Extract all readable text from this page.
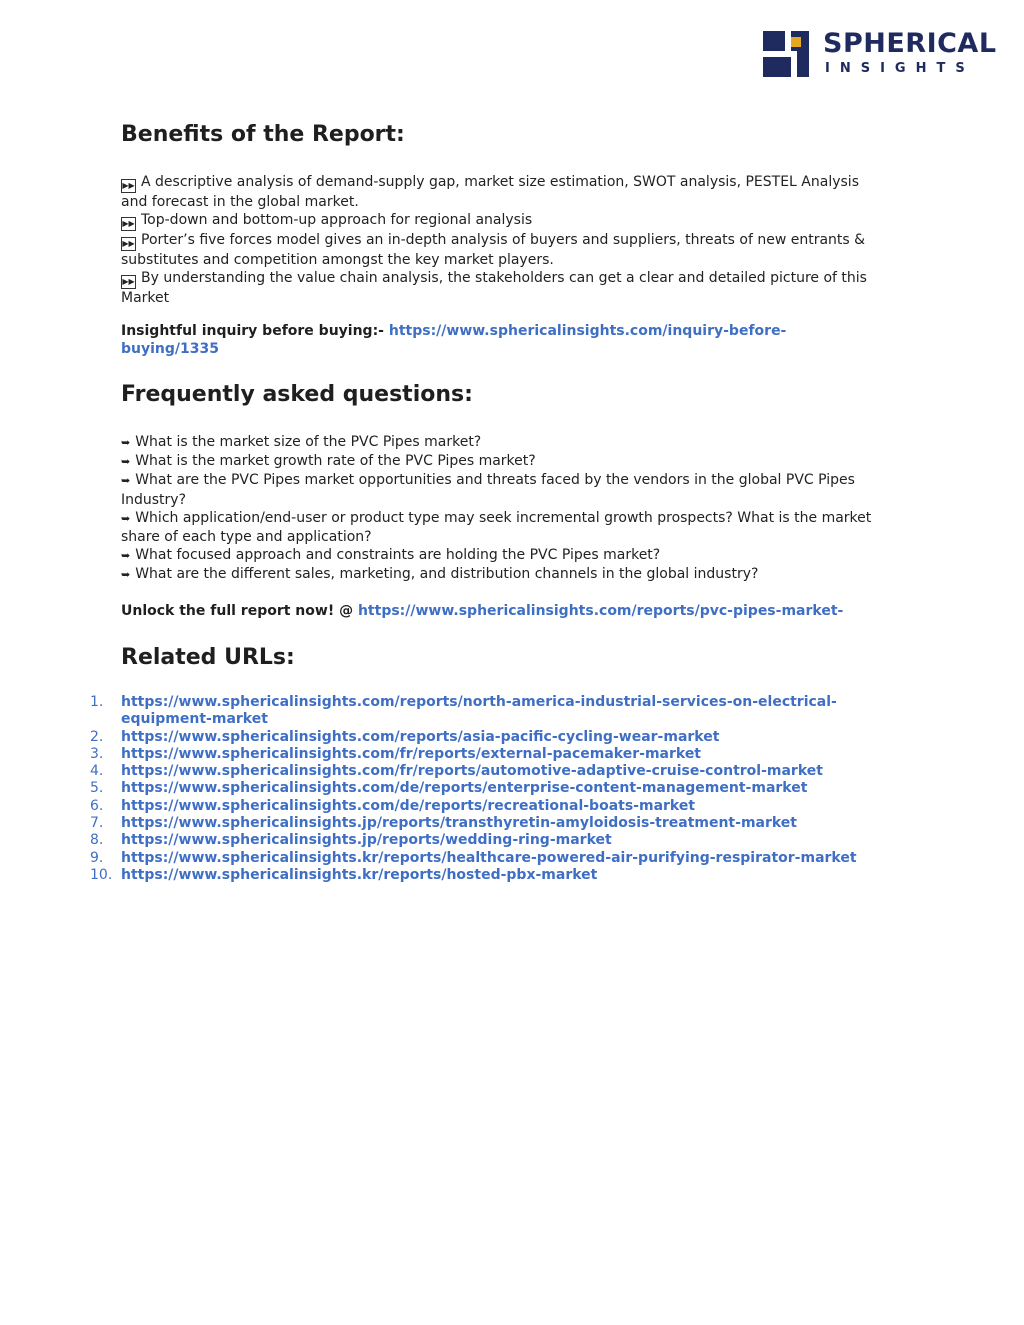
SPHERICAL
INSIGHTS
Benefits of the Report:

▶▶ A descriptive analysis of demand-supply gap, market size estimation, SWOT analysis, PESTEL Analysis
and forecast in the global market.

▶▶ Top-down and bottom-up approach for regional analysis

▶▶ Porter’s five forces model gives an in-depth analysis of buyers and suppliers, threats of new entrants &
substitutes and competition amongst the key market players.

▶▶ By understanding the value chain analysis, the stakeholders can get a clear and detailed picture of this
Market

Insightful inquiry before buying:- https://www.sphericalinsights.com/inquiry-before-
buying/1335
Frequently asked questions:

➥ What is the market size of the PVC Pipes market?

➥ What is the market growth rate of the PVC Pipes market?

➥ What are the PVC Pipes market opportunities and threats faced by the vendors in the global PVC Pipes
Industry?

➥ Which application/end-user or product type may seek incremental growth prospects? What is the market
share of each type and application?

➥ What focused approach and constraints are holding the PVC Pipes market?

➥ What are the different sales, marketing, and distribution channels in the global industry?

Unlock the full report now! @ https://www.sphericalinsights.com/reports/pvc-pipes-market-
Related URLs:
1.	https://www.sphericalinsights.com/reports/north-america-industrial-services-on-electrical-
equipment-market
2.	https://www.sphericalinsights.com/reports/asia-pacific-cycling-wear-market
3.	https://www.sphericalinsights.com/fr/reports/external-pacemaker-market
4.	https://www.sphericalinsights.com/fr/reports/automotive-adaptive-cruise-control-market
5.	https://www.sphericalinsights.com/de/reports/enterprise-content-management-market
6.	https://www.sphericalinsights.com/de/reports/recreational-boats-market
7.	https://www.sphericalinsights.jp/reports/transthyretin-amyloidosis-treatment-market
8.	https://www.sphericalinsights.jp/reports/wedding-ring-market
9.	https://www.sphericalinsights.kr/reports/healthcare-powered-air-purifying-respirator-market
10. https://www.sphericalinsights.kr/reports/hosted-pbx-market
